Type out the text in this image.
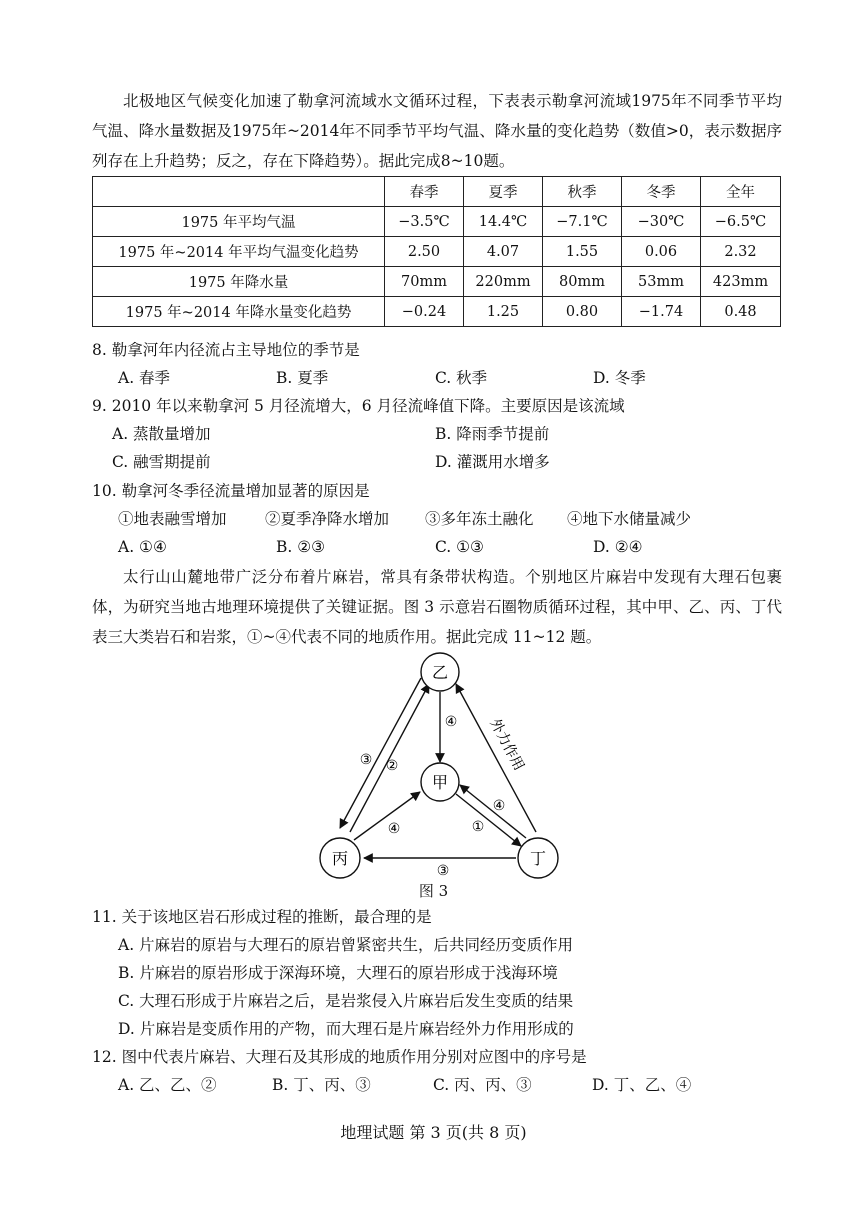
北极地区气候变化加速了勒拿河流域水文循环过程，下表表示勒拿河流域1975年不同季节平均气温、降水量数据及1975年~2014年不同季节平均气温、降水量的变化趋势（数值>0，表示数据序列存在上升趋势；反之，存在下降趋势）。据此完成8~10题。
	春季	夏季	秋季	冬季	全年
1975 年平均气温	−3.5℃	14.4℃	−7.1℃	−30℃	−6.5℃
1975 年~2014 年平均气温变化趋势	2.50	4.07	1.55	0.06	2.32
1975 年降水量	70mm	220mm	80mm	53mm	423mm
1975 年~2014 年降水量变化趋势	−0.24	1.25	0.80	−1.74	0.48
8. 勒拿河年内径流占主导地位的季节是
A. 春季	B. 夏季	C. 秋季	D. 冬季
9. 2010 年以来勒拿河 5 月径流增大，6 月径流峰值下降。主要原因是该流域
A. 蒸散量增加	B. 降雨季节提前
C. 融雪期提前	D. 灌溉用水增多
10. 勒拿河冬季径流量增加显著的原因是
①地表融雪增加 ②夏季净降水增加 ③多年冻土融化 ④地下水储量减少
A. ①④	B. ②③	C. ①③	D. ②④
太行山山麓地带广泛分布着片麻岩，常具有条带状构造。个别地区片麻岩中发现有大理石包裹体，为研究当地古地理环境提供了关键证据。图 3 示意岩石圈物质循环过程，其中甲、乙、丙、丁代表三大类岩石和岩浆，①~④代表不同的地质作用。据此完成 11~12 题。
乙
甲
丙	丁
④
③ ②
④	①
④
③
外力作用
图 3
11. 关于该地区岩石形成过程的推断，最合理的是
A. 片麻岩的原岩与大理石的原岩曾紧密共生，后共同经历变质作用
B. 片麻岩的原岩形成于深海环境，大理石的原岩形成于浅海环境
C. 大理石形成于片麻岩之后，是岩浆侵入片麻岩后发生变质的结果
D. 片麻岩是变质作用的产物，而大理石是片麻岩经外力作用形成的
12. 图中代表片麻岩、大理石及其形成的地质作用分别对应图中的序号是
A. 乙、乙、②	B. 丁、丙、③	C. 丙、丙、③	D. 丁、乙、④
地理试题 第 3 页(共 8 页)
